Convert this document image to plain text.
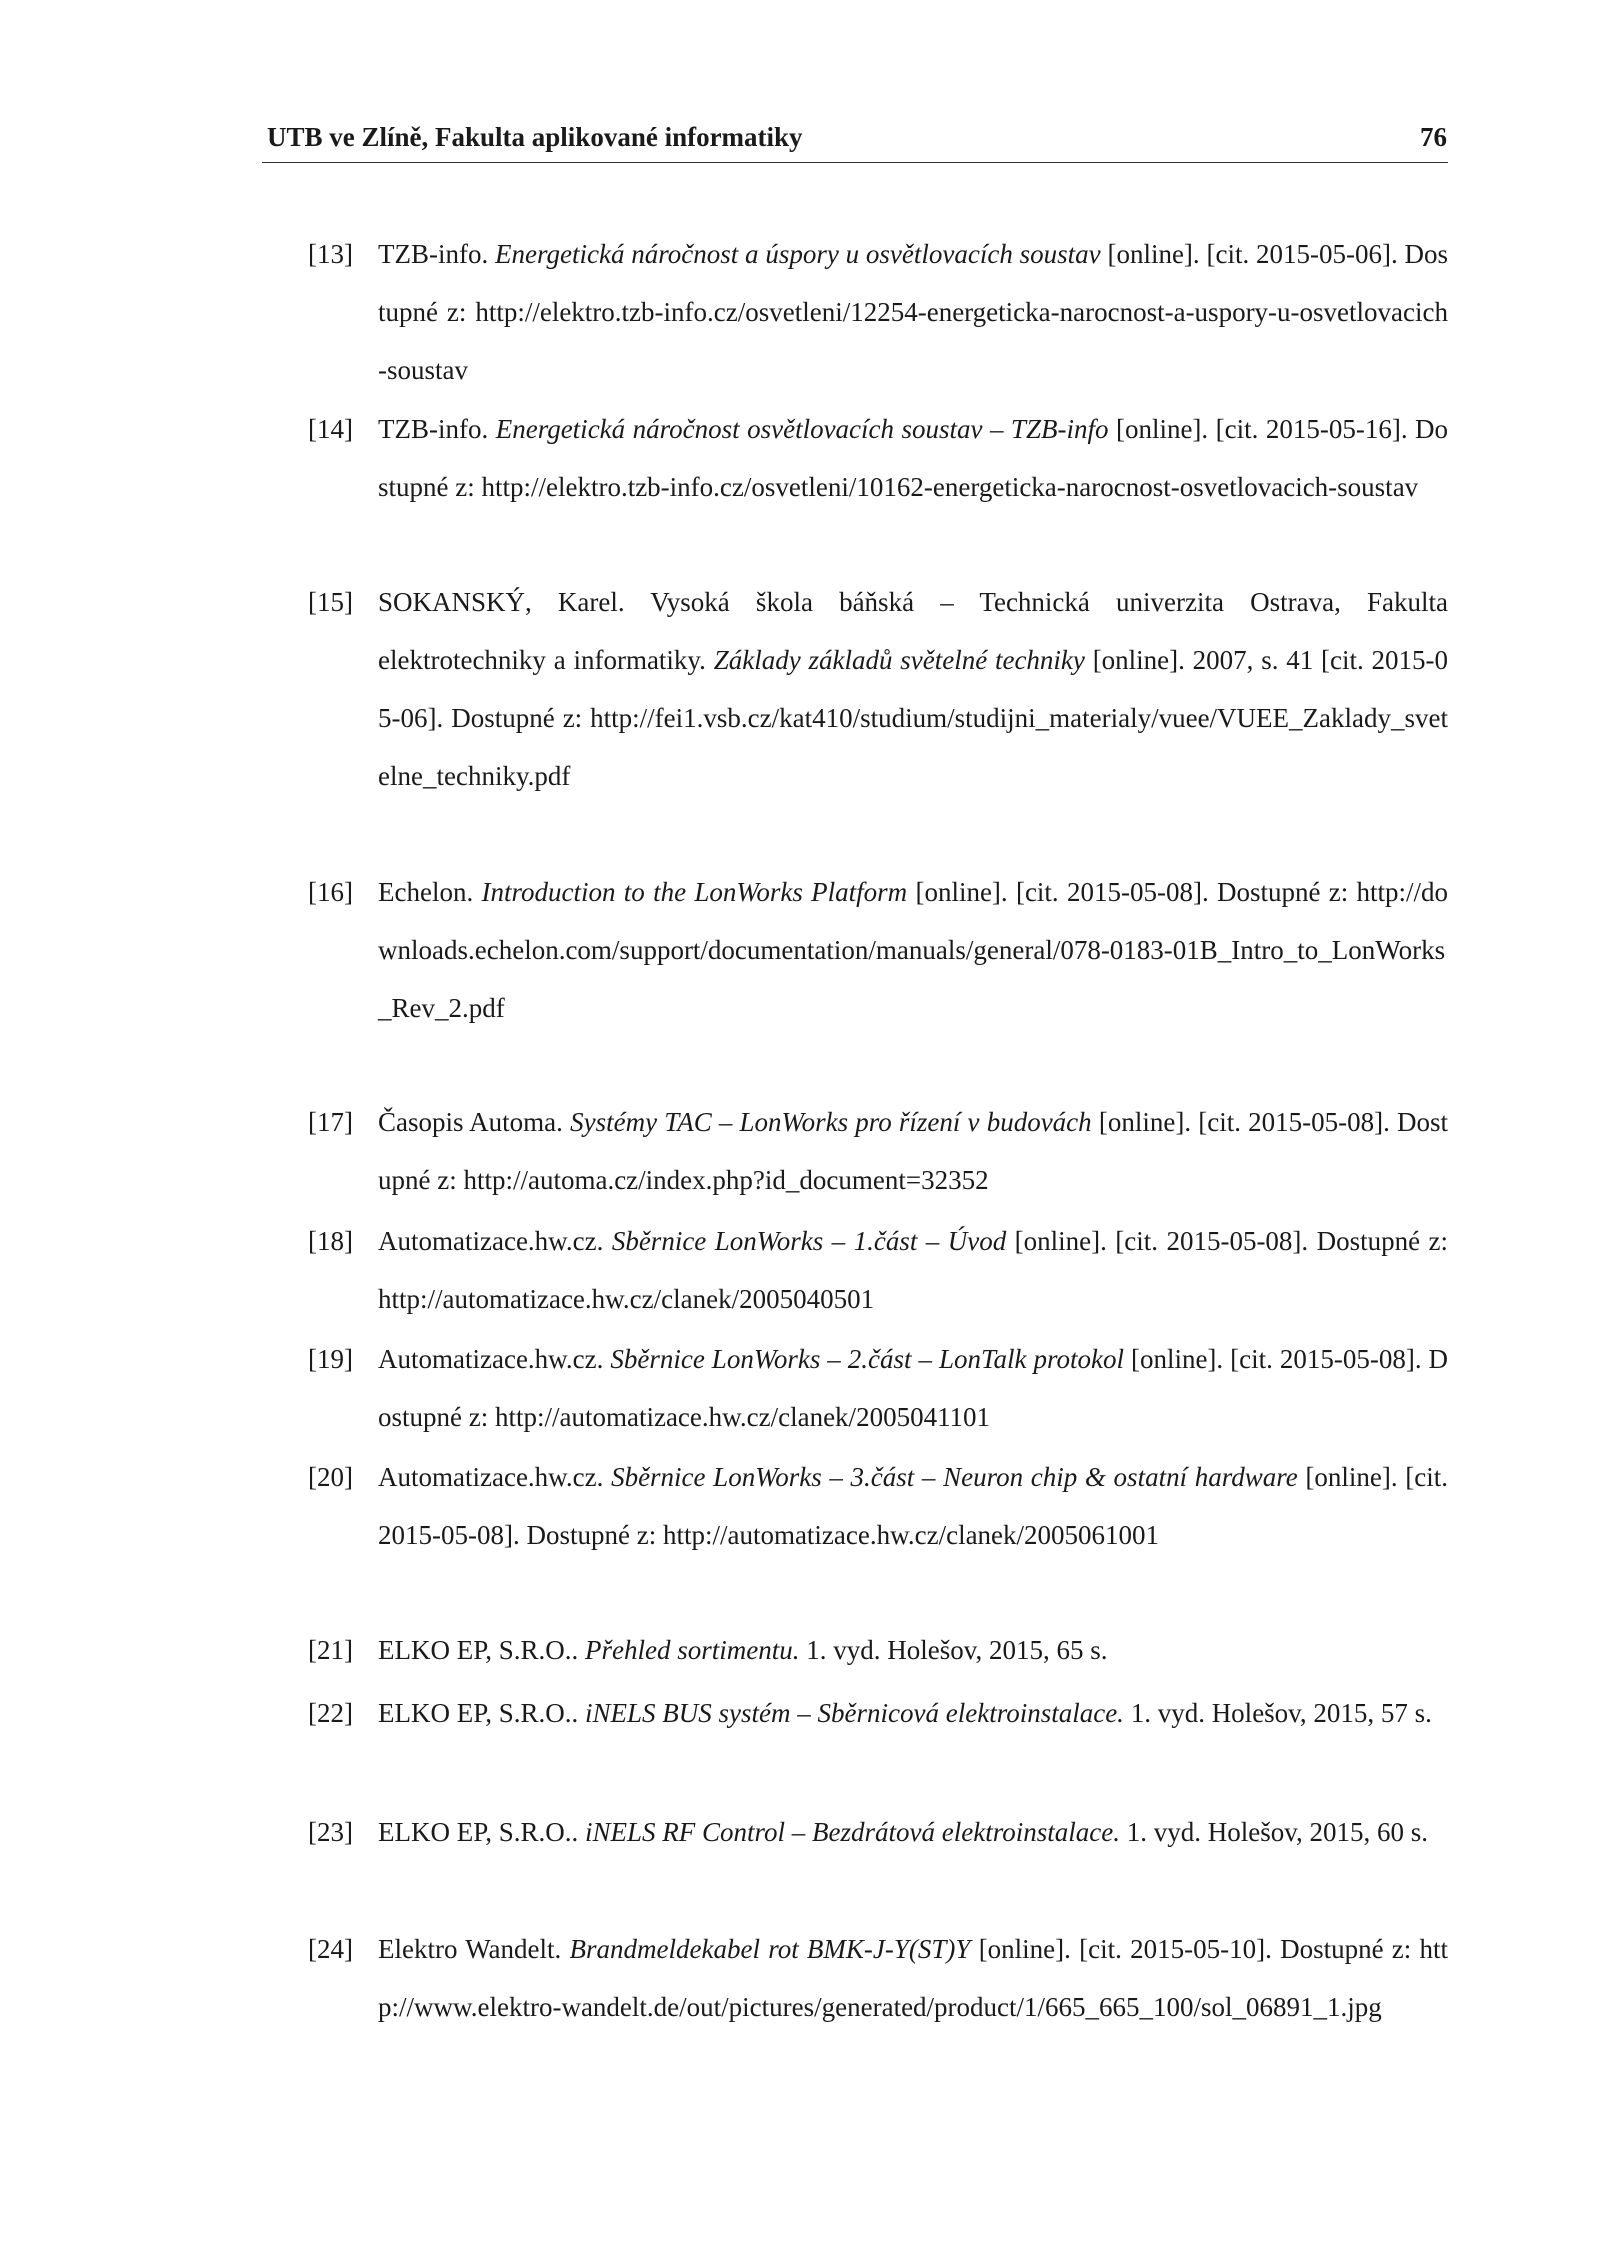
UTB ve Zlíně, Fakulta aplikované informatiky	76
[13] TZB-info. Energetická náročnost a úspory u osvětlovacích soustav [online]. [cit. 2015-05-06]. Dostupné z: http://elektro.tzb-info.cz/osvetleni/12254-energeticka-narocnost-a-uspory-u-osvetlovacich-soustav
[14] TZB-info. Energetická náročnost osvětlovacích soustav – TZB-info [online]. [cit. 2015-05-16]. Dostupné z: http://elektro.tzb-info.cz/osvetleni/10162-energeticka-narocnost-osvetlovacich-soustav
[15] SOKANSKÝ, Karel. Vysoká škola báňská – Technická univerzita Ostrava, Fakulta elektrotechniky a informatiky. Základy základů světelné techniky [online]. 2007, s. 41 [cit. 2015-05-06]. Dostupné z: http://fei1.vsb.cz/kat410/studium/studijni_materialy/vuee/VUEE_Zaklady_svetelne_techniky.pdf
[16] Echelon. Introduction to the LonWorks Platform [online]. [cit. 2015-05-08]. Dostupné z: http://downloads.echelon.com/support/documentation/manuals/general/078-0183-01B_Intro_to_LonWorks_Rev_2.pdf
[17] Časopis Automa. Systémy TAC – LonWorks pro řízení v budovách [online]. [cit. 2015-05-08]. Dostupné z: http://automa.cz/index.php?id_document=32352
[18] Automatizace.hw.cz. Sběrnice LonWorks – 1.část – Úvod [online]. [cit. 2015-05-08]. Dostupné z: http://automatizace.hw.cz/clanek/2005040501
[19] Automatizace.hw.cz. Sběrnice LonWorks – 2.část – LonTalk protokol [online]. [cit. 2015-05-08]. Dostupné z: http://automatizace.hw.cz/clanek/2005041101
[20] Automatizace.hw.cz. Sběrnice LonWorks – 3.část – Neuron chip & ostatní hardware [online]. [cit. 2015-05-08]. Dostupné z: http://automatizace.hw.cz/clanek/2005061001
[21] ELKO EP, S.R.O.. Přehled sortimentu. 1. vyd. Holešov, 2015, 65 s.
[22] ELKO EP, S.R.O.. iNELS BUS systém – Sběrnicová elektroinstalace. 1. vyd. Holešov, 2015, 57 s.
[23] ELKO EP, S.R.O.. iNELS RF Control – Bezdrátová elektroinstalace. 1. vyd. Holešov, 2015, 60 s.
[24] Elektro Wandelt. Brandmeldekabel rot BMK-J-Y(ST)Y [online]. [cit. 2015-05-10]. Dostupné z: http://www.elektro-wandelt.de/out/pictures/generated/product/1/665_665_100/sol_06891_1.jpg
